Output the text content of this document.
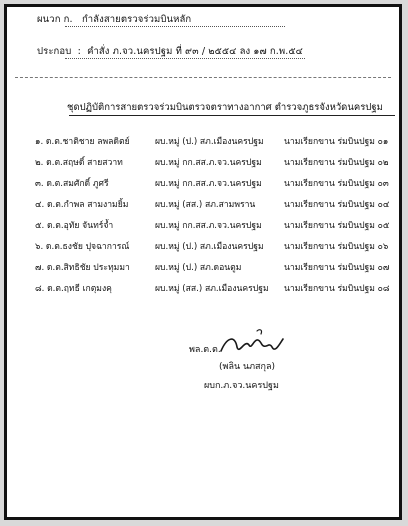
ผนวก ก. กำลังสายตรวจร่วมบินหลัก
ประกอบ  :  คำสั่ง ภ.จว.นครปฐม ที่ ๙๓ / ๒๕๕๔ ลง ๑๗ ก.พ.๕๔
ชุดปฏิบัติการสายตรวจร่วมบินตรวจตราทางอากาศ ตำรวจภูธรจังหวัดนครปฐม
๑. ด.ต.ชาติชาย ลพลดิตย์	ผบ.หมู่ (ป.) สภ.เมืองนครปฐม นามเรียกขาน ร่มบินปฐม ๐๑
๒. ด.ต.สฤษดิ์ สายสวาท	ผบ.หมู่ กก.สส.ภ.จว.นครปฐม	นามเรียกขาน ร่มบินปฐม ๐๒
๓. ด.ต.สมศักดิ์ ภูศรี	ผบ.หมู่ กก.สส.ภ.จว.นครปฐม	นามเรียกขาน ร่มบินปฐม ๐๓
๔. ด.ต.กำพล สามงามยิ้ม	ผบ.หมู่ (สส.) สภ.สามพราน	นามเรียกขาน ร่มบินปฐม ๐๔
๕. ด.ต.อุทัย จันทร์จ้ำ	ผบ.หมู่ กก.สส.ภ.จว.นครปฐม	นามเรียกขาน ร่มบินปฐม ๐๕
๖. ด.ต.ธงชัย ปุจฉาการณ์	ผบ.หมู่ (ป.) สภ.เมืองนครปฐม นามเรียกขาน ร่มบินปฐม ๐๖
๗. ด.ต.สิทธิชัย ประทุมมา	ผบ.หมู่ (ป.) สภ.ดอนตูม	นามเรียกขาน ร่มบินปฐม ๐๗
๘. ด.ต.ฤทธี เกตุมงคุ	ผบ.หมู่ (สส.) สภ.เมืองนครปฐม นามเรียกขาน ร่มบินปฐม ๐๘
พล.ต.ต.
(พลิน นภสกุล)
ผบก.ภ.จว.นครปฐม
